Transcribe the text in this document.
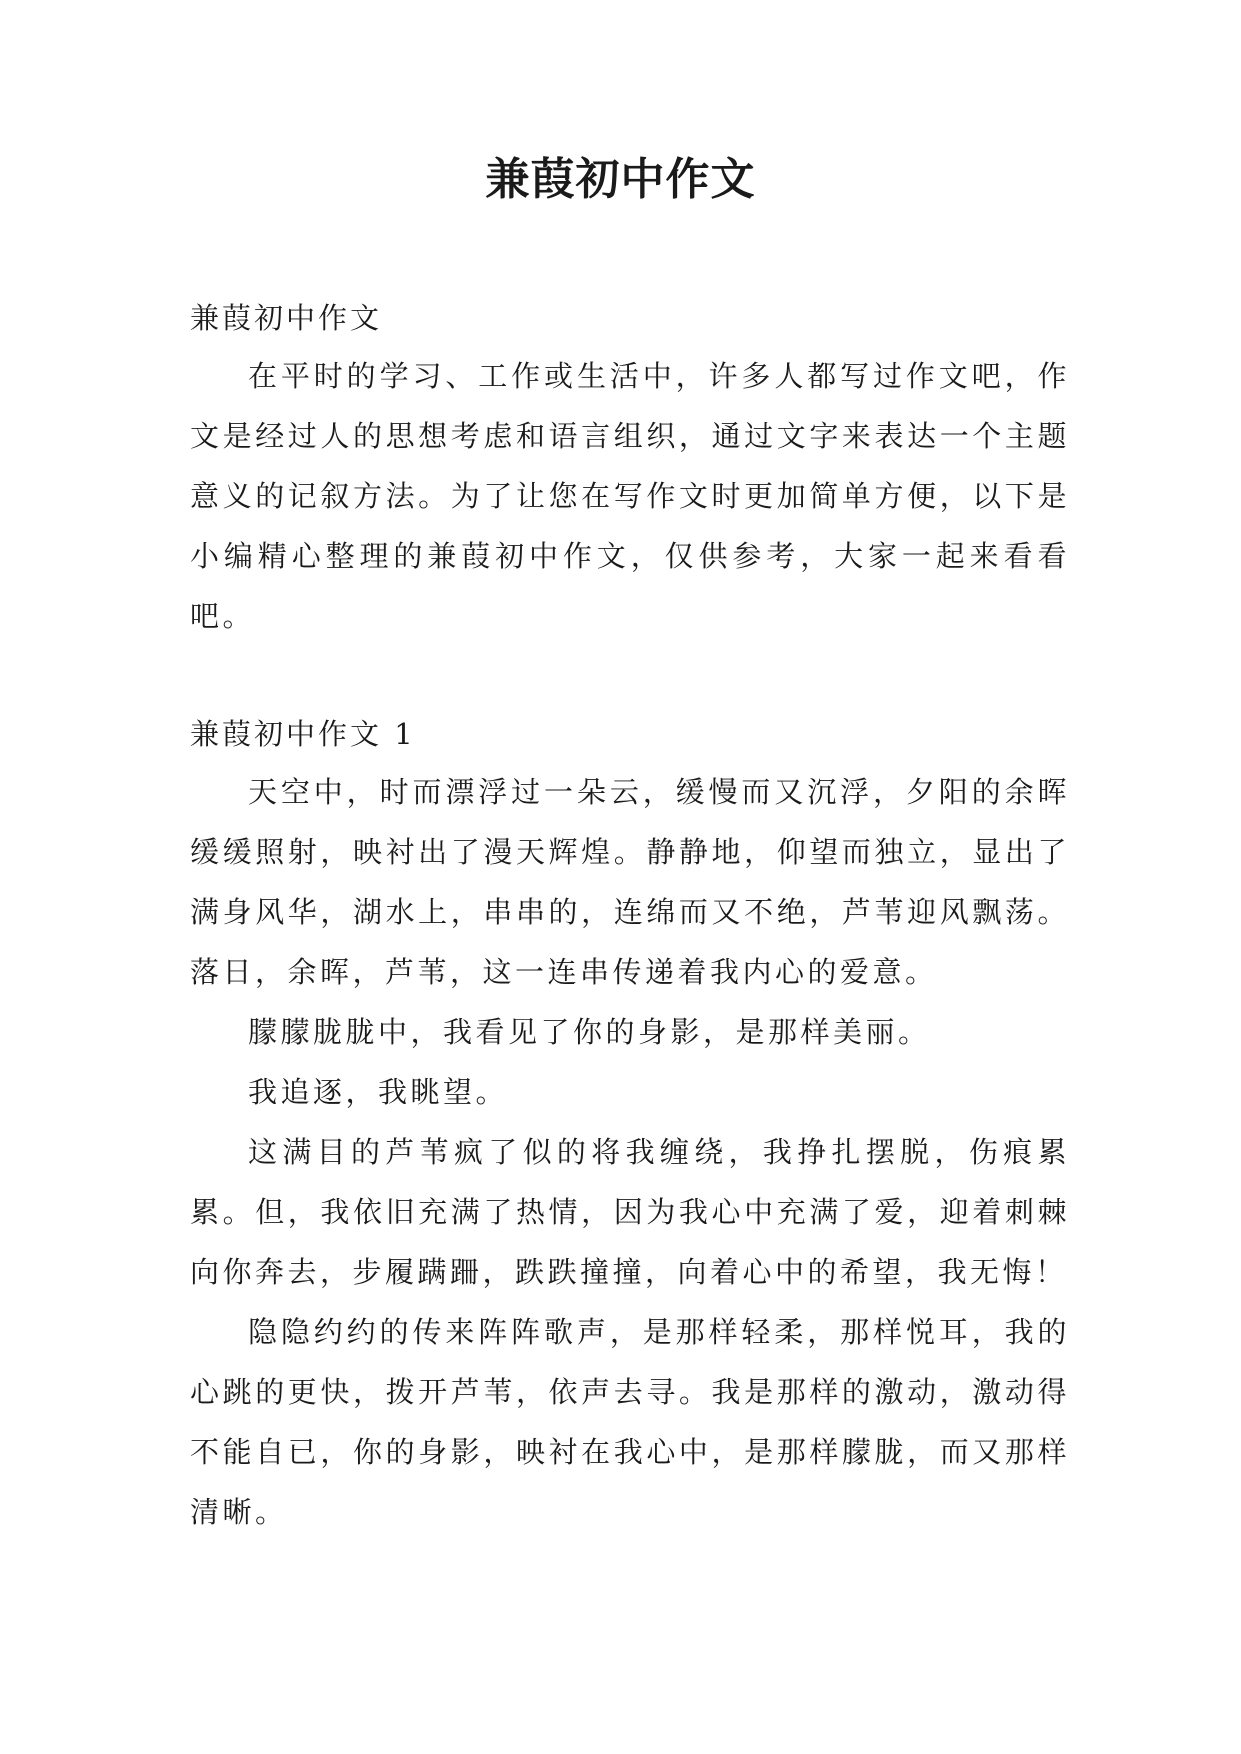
兼葭初中作文

兼葭初中作文

在平时的学习、工作或生活中，许多人都写过作文吧，作文是经过人的思想考虑和语言组织，通过文字来表达一个主题意义的记叙方法。为了让您在写作文时更加简单方便，以下是小编精心整理的兼葭初中作文，仅供参考，大家一起来看看吧。

兼葭初中作文 1

天空中，时而漂浮过一朵云，缓慢而又沉浮，夕阳的余晖缓缓照射，映衬出了漫天辉煌。静静地，仰望而独立，显出了满身风华，湖水上，串串的，连绵而又不绝，芦苇迎风飘荡。落日，余晖，芦苇，这一连串传递着我内心的爱意。

朦朦胧胧中，我看见了你的身影，是那样美丽。

我追逐，我眺望。

这满目的芦苇疯了似的将我缠绕，我挣扎摆脱，伤痕累累。但，我依旧充满了热情，因为我心中充满了爱，迎着刺棘向你奔去，步履蹒跚，跌跌撞撞，向着心中的希望，我无悔！

隐隐约约的传来阵阵歌声，是那样轻柔，那样悦耳，我的心跳的更快，拨开芦苇，依声去寻。我是那样的激动，激动得不能自已，你的身影，映衬在我心中，是那样朦胧，而又那样清晰。
